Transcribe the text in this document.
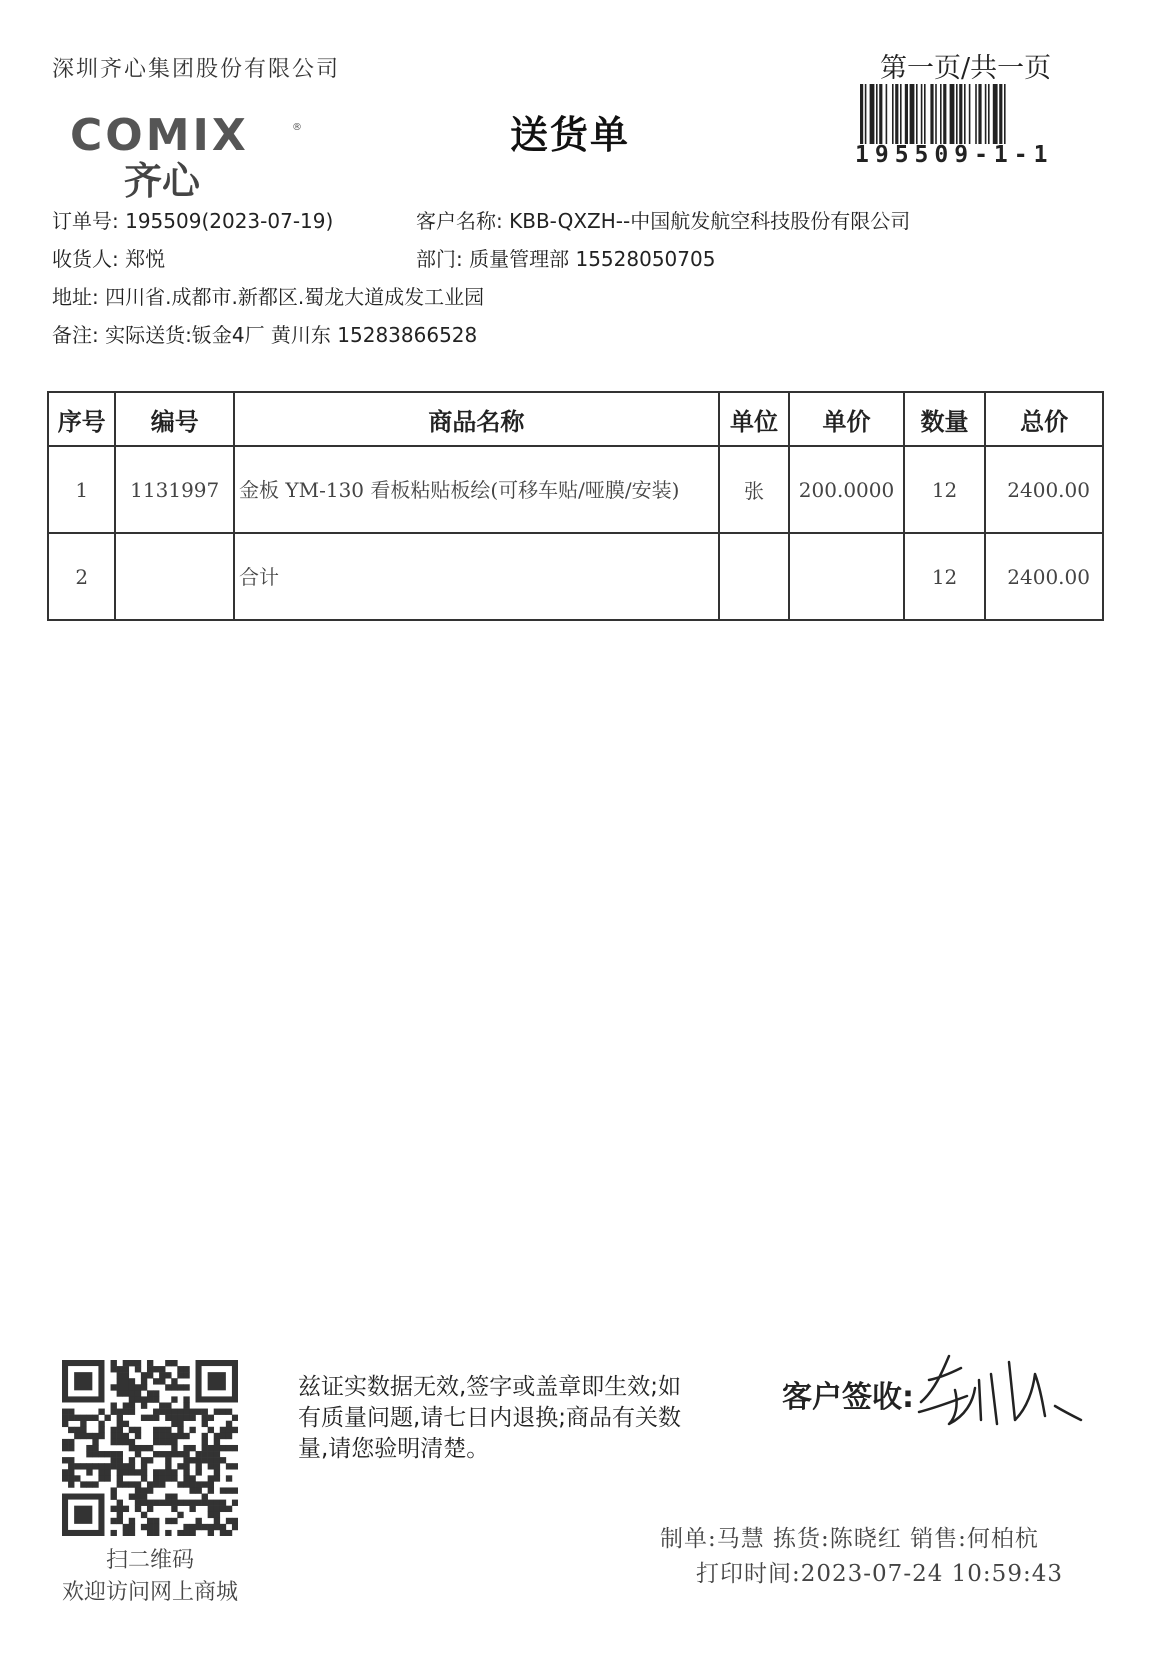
深圳齐心集团股份有限公司	第一页/共一页
COMIX	®
齐心
送货单	195509-1-1
订单号: 195509(2023-07-19)	客户名称: KBB-QXZH--中国航发航空科技股份有限公司
收货人: 郑悦	部门: 质量管理部 15528050705
地址: 四川省.成都市.新都区.蜀龙大道成发工业园
备注: 实际送货:钣金4厂 黄川东 15283866528
序号	编号	商品名称	单位	单价	数量	总价
1	1131997	金板 YM-130 看板粘贴板绘(可移车贴/哑膜/安装)	张	200.0000	12	2400.00
2		合计			12	2400.00
扫二维码
欢迎访问网上商城
兹证实数据无效,签字或盖章即生效;如有质量问题,请七日内退换;商品有关数量,请您验明清楚。
客户签收:
制单:马慧 拣货:陈晓红 销售:何柏杭
打印时间:2023-07-24 10:59:43
